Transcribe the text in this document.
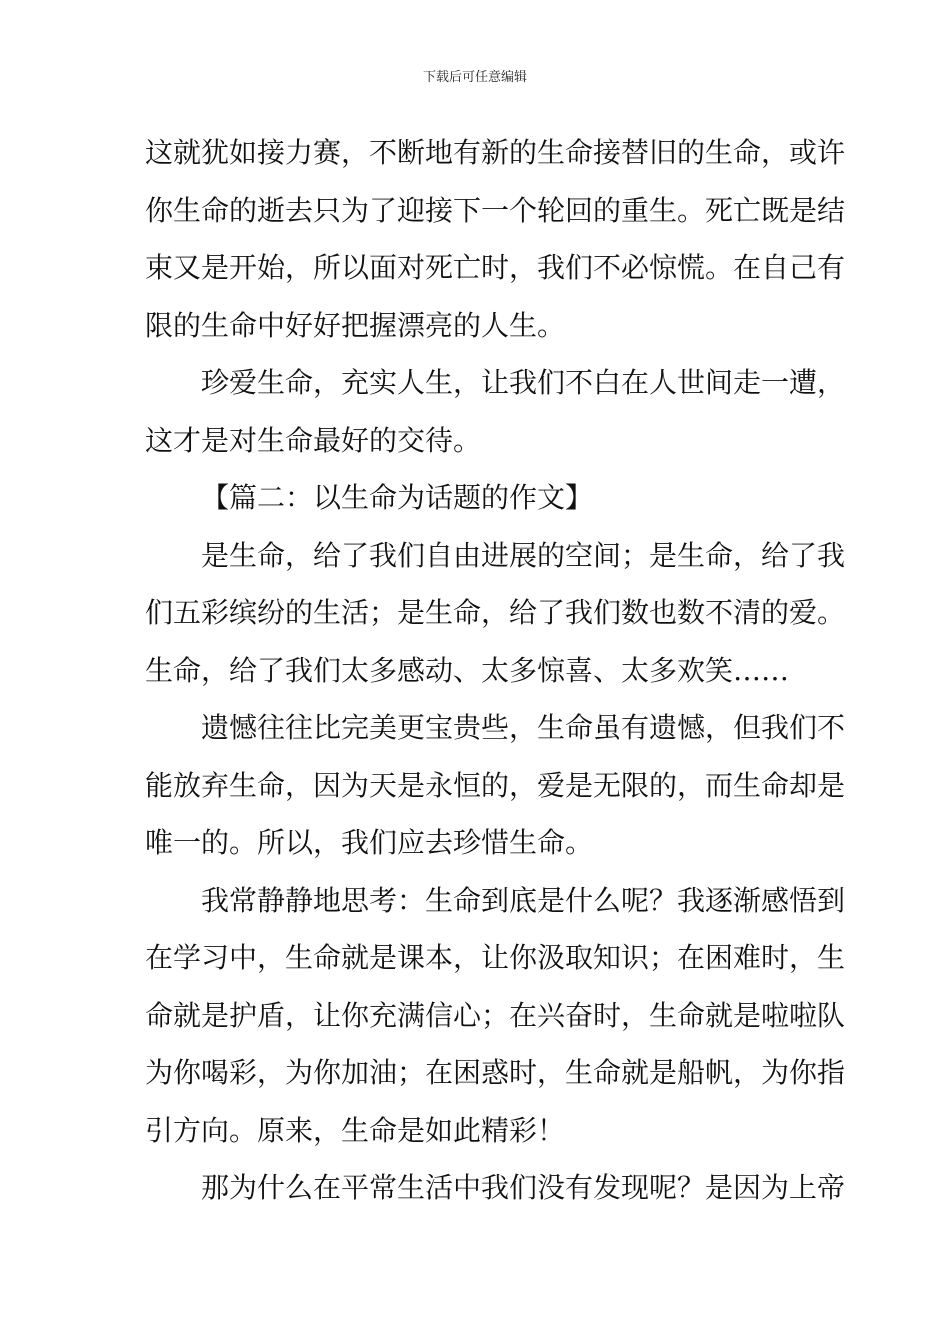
下载后可任意编辑
这就犹如接力赛，不断地有新的生命接替旧的生命，或许
你生命的逝去只为了迎接下一个轮回的重生。死亡既是结
束又是开始，所以面对死亡时，我们不必惊慌。在自己有
限的生命中好好把握漂亮的人生。
珍爱生命，充实人生，让我们不白在人世间走一遭，
这才是对生命最好的交待。
【篇二：以生命为话题的作文】
是生命，给了我们自由进展的空间；是生命，给了我
们五彩缤纷的生活；是生命，给了我们数也数不清的爱。
生命，给了我们太多感动、太多惊喜、太多欢笑……
遗憾往往比完美更宝贵些，生命虽有遗憾，但我们不
能放弃生命，因为天是永恒的，爱是无限的，而生命却是
唯一的。所以，我们应去珍惜生命。
我常静静地思考：生命到底是什么呢？我逐渐感悟到
在学习中，生命就是课本，让你汲取知识；在困难时，生
命就是护盾，让你充满信心；在兴奋时，生命就是啦啦队
为你喝彩，为你加油；在困惑时，生命就是船帆，为你指
引方向。原来，生命是如此精彩！
那为什么在平常生活中我们没有发现呢？是因为上帝
